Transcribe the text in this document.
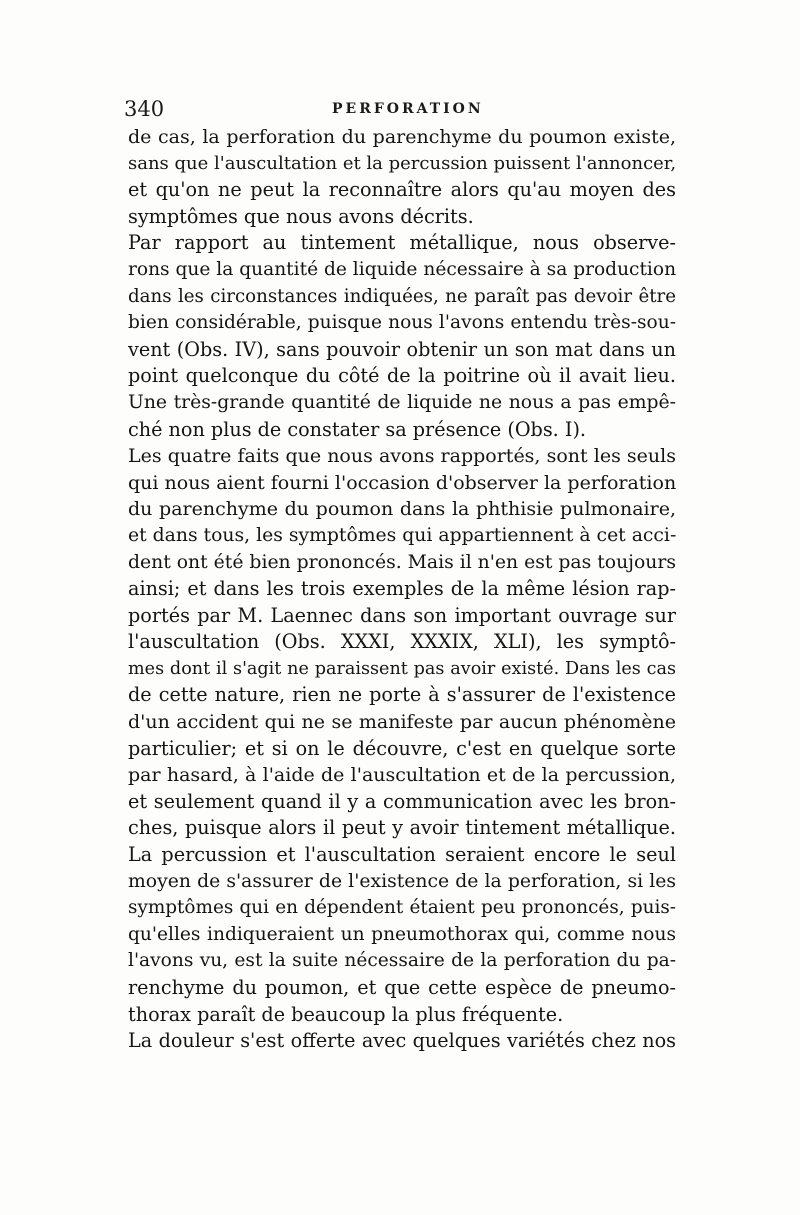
340	PERFORATION
de cas, la perforation du parenchyme du poumon existe,
sans que l'auscultation et la percussion puissent l'annoncer,
et qu'on ne peut la reconnaître alors qu'au moyen des
symptômes que nous avons décrits.
Par rapport au tintement métallique, nous observe-
rons que la quantité de liquide nécessaire à sa production
dans les circonstances indiquées, ne paraît pas devoir être
bien considérable, puisque nous l'avons entendu très-sou-
vent (Obs. IV), sans pouvoir obtenir un son mat dans un
point quelconque du côté de la poitrine où il avait lieu.
Une très-grande quantité de liquide ne nous a pas empê-
ché non plus de constater sa présence (Obs. I).
Les quatre faits que nous avons rapportés, sont les seuls
qui nous aient fourni l'occasion d'observer la perforation
du parenchyme du poumon dans la phthisie pulmonaire,
et dans tous, les symptômes qui appartiennent à cet acci-
dent ont été bien prononcés. Mais il n'en est pas toujours
ainsi; et dans les trois exemples de la même lésion rap-
portés par M. Laennec dans son important ouvrage sur
l'auscultation (Obs. XXXI, XXXIX, XLI), les symptô-
mes dont il s'agit ne paraissent pas avoir existé. Dans les cas
de cette nature, rien ne porte à s'assurer de l'existence
d'un accident qui ne se manifeste par aucun phénomène
particulier; et si on le découvre, c'est en quelque sorte
par hasard, à l'aide de l'auscultation et de la percussion,
et seulement quand il y a communication avec les bron-
ches, puisque alors il peut y avoir tintement métallique.
La percussion et l'auscultation seraient encore le seul
moyen de s'assurer de l'existence de la perforation, si les
symptômes qui en dépendent étaient peu prononcés, puis-
qu'elles indiqueraient un pneumothorax qui, comme nous
l'avons vu, est la suite nécessaire de la perforation du pa-
renchyme du poumon, et que cette espèce de pneumo-
thorax paraît de beaucoup la plus fréquente.
La douleur s'est offerte avec quelques variétés chez nos
